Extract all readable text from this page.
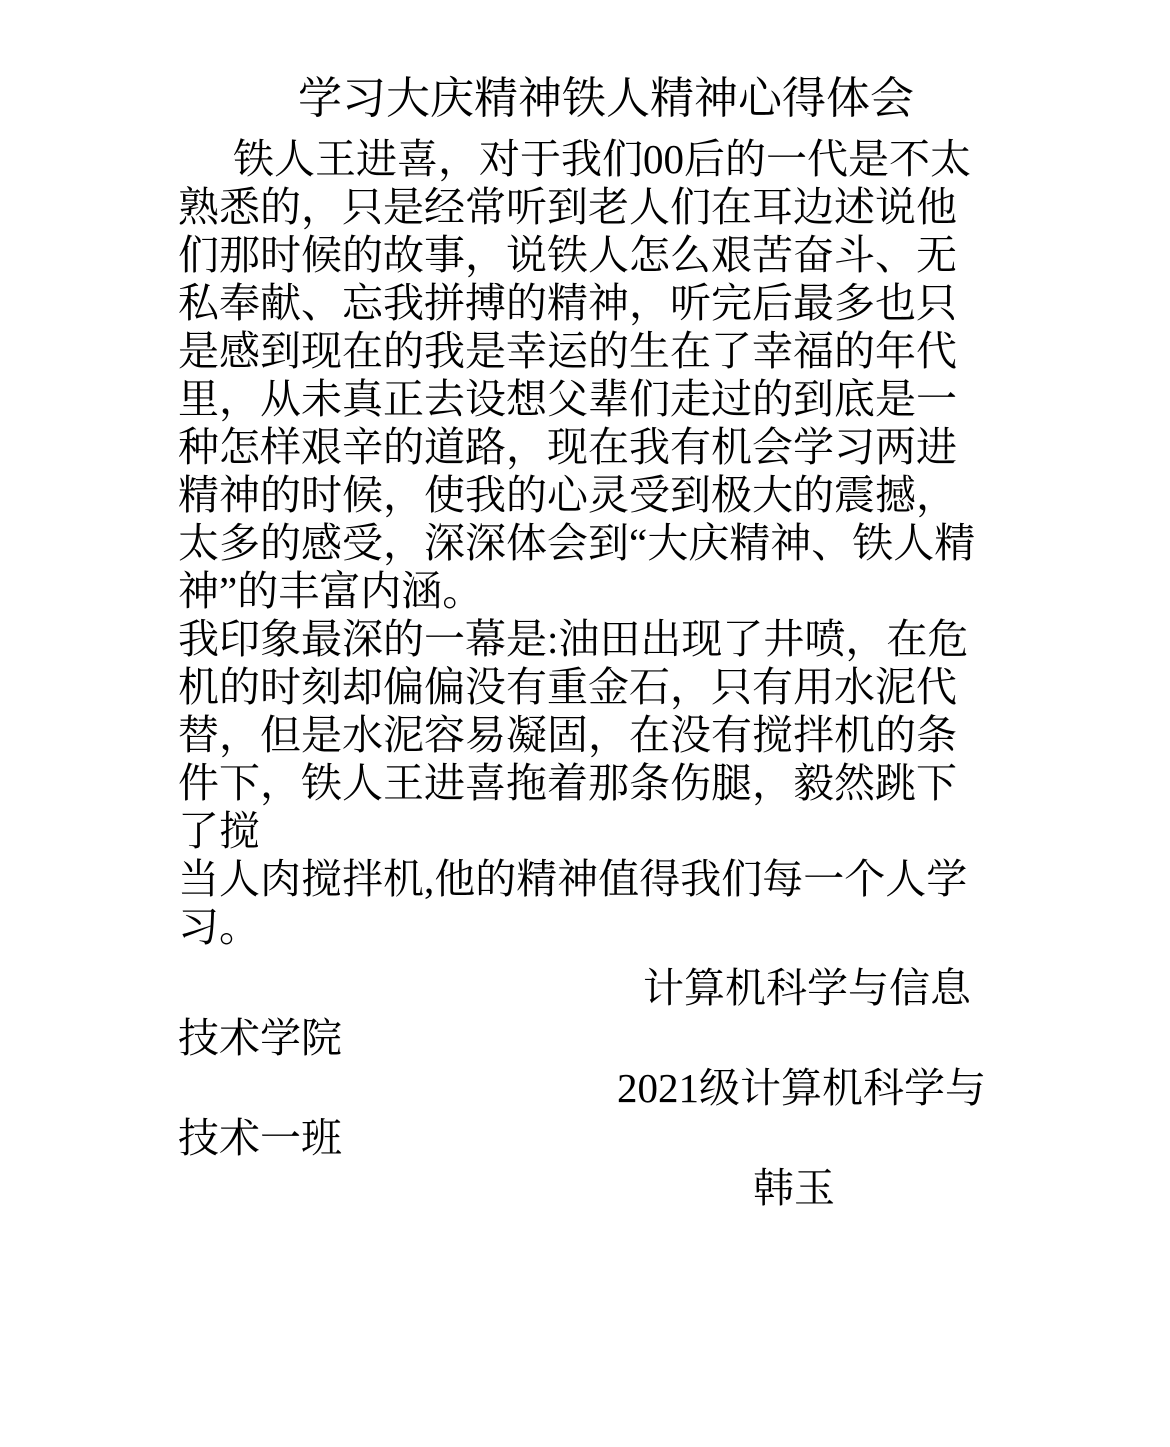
学习大庆精神铁人精神心得体会
铁人王进喜，对于我们00后的一代是不太
熟悉的，只是经常听到老人们在耳边述说他
们那时候的故事，说铁人怎么艰苦奋斗、无
私奉献、忘我拼搏的精神，听完后最多也只
是感到现在的我是幸运的生在了幸福的年代
里，从未真正去设想父辈们走过的到底是一
种怎样艰辛的道路，现在我有机会学习两进
精神的时候，使我的心灵受到极大的震撼，
太多的感受，深深体会到“大庆精神、铁人精
神”的丰富内涵。
我印象最深的一幕是:油田出现了井喷，在危
机的时刻却偏偏没有重金石，只有用水泥代
替，但是水泥容易凝固，在没有搅拌机的条
件下，铁人王进喜拖着那条伤腿，毅然跳下
了搅
当人肉搅拌机,他的精神值得我们每一个人学
习。
计算机科学与信息
技术学院
2021级计算机科学与
技术一班
韩玉
